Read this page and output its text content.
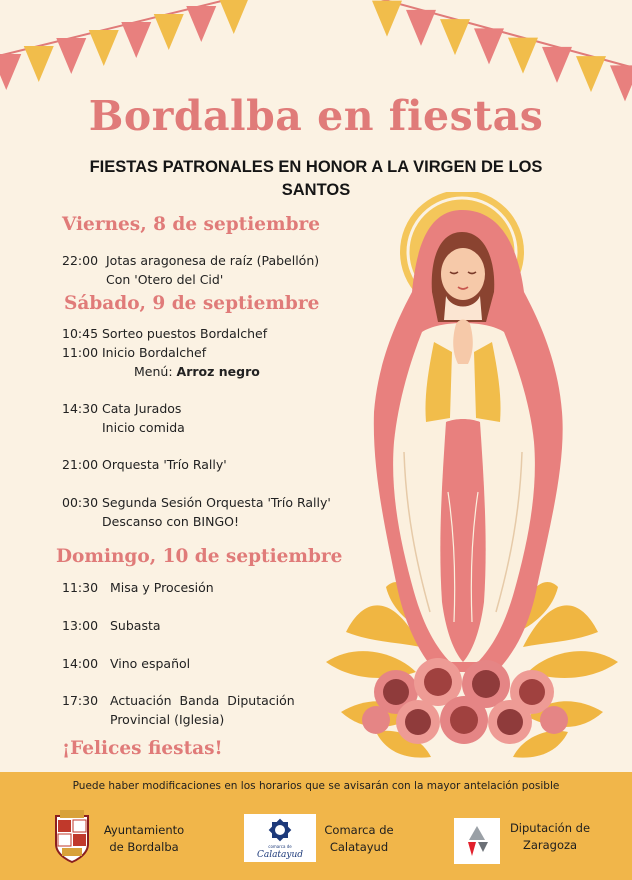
Bordalba en fiestas
FIESTAS PATRONALES EN HONOR A LA VIRGEN DE LOS SANTOS
Viernes, 8 de septiembre
22:00 Jotas aragonesa de raíz (Pabellón)
Con 'Otero del Cid'
Sábado, 9 de septiembre
10:45 Sorteo puestos Bordalchef
11:00 Inicio Bordalchef
Menú: Arroz negro
14:30 Cata Jurados
Inicio comida
21:00 Orquesta 'Trío Rally'
00:30 Segunda Sesión Orquesta 'Trío Rally'
Descanso con BINGO!
Domingo, 10 de septiembre
11:30 Misa y Procesión
13:00 Subasta
14:00 Vino español
17:30 Actuación  Banda  Diputación
Provincial (Iglesia)
¡Felices fiestas!
Puede haber modificaciones en los horarios que se avisarán con la mayor antelación posible
Ayuntamiento
de Bordalba	comarca de
Calatayud
Comarca de
Calatayud
Diputación de
Zaragoza
